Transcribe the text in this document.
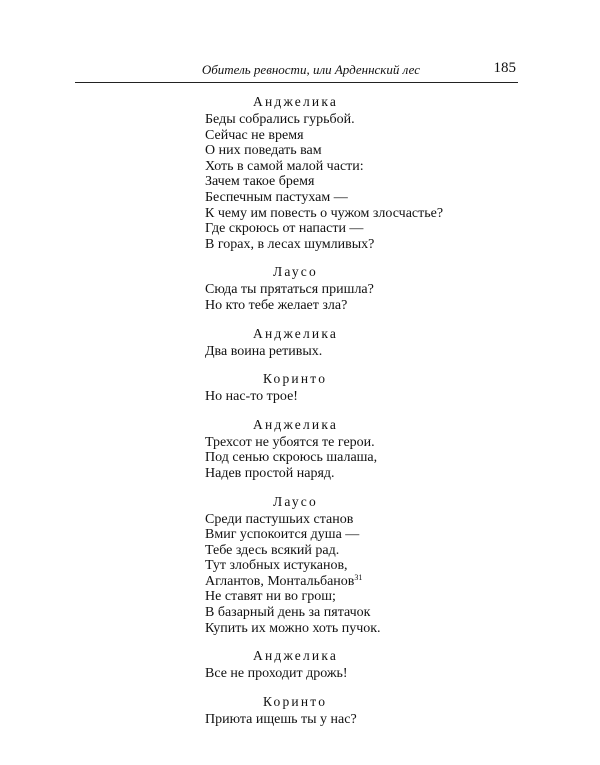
Обитель ревности, или Арденнский лес	185
Анджелика
Беды собрались гурьбой.
Сейчас не время
О них поведать вам
Хоть в самой малой части:
Зачем такое бремя
Беспечным пастухам —
К чему им повесть о чужом злосчастье?
Где скроюсь от напасти —
В горах, в лесах шумливых?
Лаусо
Сюда ты прятаться пришла?
Но кто тебе желает зла?
Анджелика
Два воина ретивых.
Коринто
Но нас-то трое!
Анджелика
Трехсот не убоятся те герои.
Под сенью скроюсь шалаша,
Надев простой наряд.
Лаусо
Среди пастушьих станов
Вмиг успокоится душа —
Тебе здесь всякий рад.
Тут злобных истуканов,
Аглантов, Монтальбанов$^{31}$
Не ставят ни во грош;
В базарный день за пятачок
Купить их можно хоть пучок.
Анджелика
Все не проходит дрожь!
Коринто
Приюта ищешь ты у нас?
